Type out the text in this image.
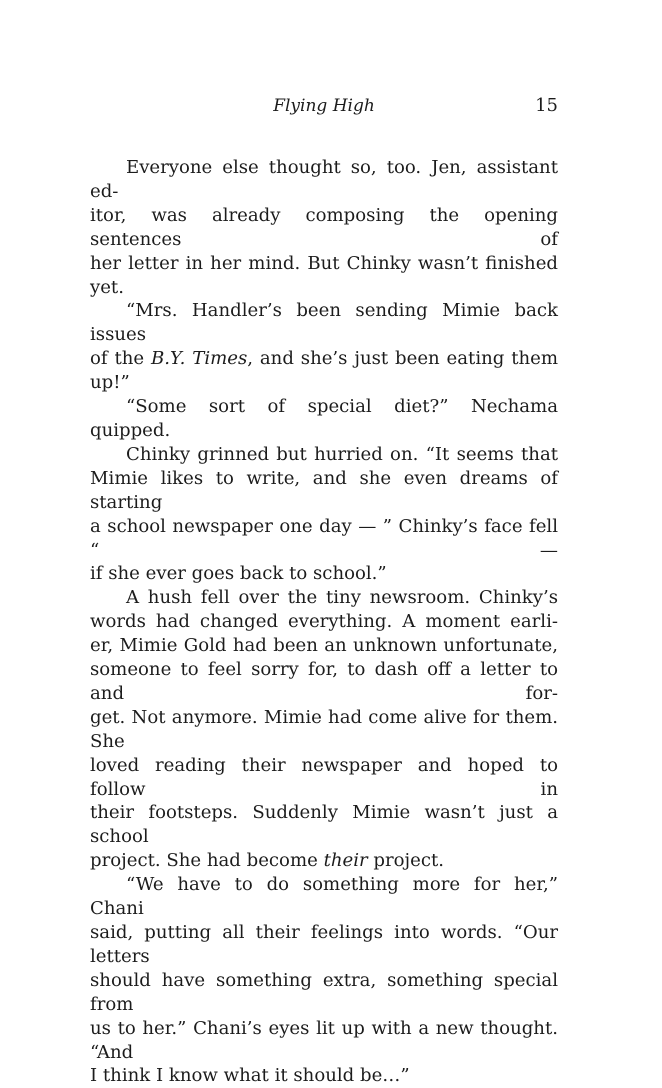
Flying High	15

Everyone else thought so, too. Jen, assistant ed-
itor, was already composing the opening sentences of
her letter in her mind. But Chinky wasn’t finished yet.

“Mrs. Handler’s been sending Mimie back issues
of the B.Y. Times, and she’s just been eating them up!”

“Some sort of special diet?” Nechama quipped.

Chinky grinned but hurried on. “It seems that
Mimie likes to write, and she even dreams of starting
a school newspaper one day — ” Chinky’s face fell “ —
if she ever goes back to school.”

A hush fell over the tiny newsroom. Chinky’s
words had changed everything. A moment earli-
er, Mimie Gold had been an unknown unfortunate,
someone to feel sorry for, to dash off a letter to and for-
get. Not anymore. Mimie had come alive for them. She
loved reading their newspaper and hoped to follow in
their footsteps. Suddenly Mimie wasn’t just a school
project. She had become their project.

“We have to do something more for her,” Chani
said, putting all their feelings into words. “Our letters
should have something extra, something special from
us to her.” Chani’s eyes lit up with a new thought. “And
I think I know what it should be…”
